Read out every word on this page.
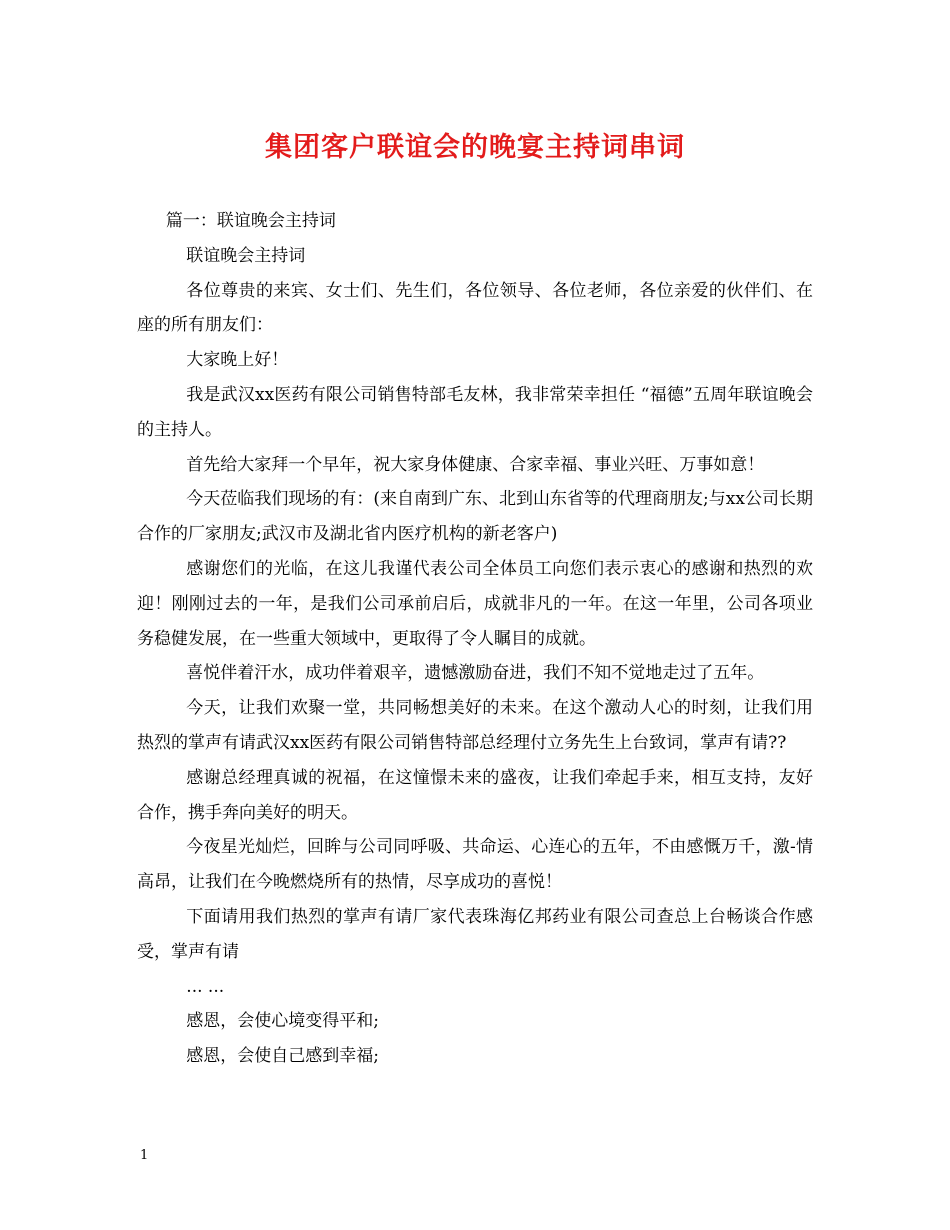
集团客户联谊会的晚宴主持词串词

篇一：联谊晚会主持词

联谊晚会主持词

各位尊贵的来宾、女士们、先生们，各位领导、各位老师，各位亲爱的伙伴们、在座的所有朋友们：

大家晚上好！

我是武汉xx医药有限公司销售特部毛友林，我非常荣幸担任 “福德”五周年联谊晚会的主持人。

首先给大家拜一个早年，祝大家身体健康、合家幸福、事业兴旺、万事如意！

今天莅临我们现场的有：(来自南到广东、北到山东省等的代理商朋友;与xx公司长期合作的厂家朋友;武汉市及湖北省内医疗机构的新老客户)

感谢您们的光临，在这儿我谨代表公司全体员工向您们表示衷心的感谢和热烈的欢迎！刚刚过去的一年，是我们公司承前启后，成就非凡的一年。在这一年里，公司各项业务稳健发展，在一些重大领域中，更取得了令人瞩目的成就。

喜悦伴着汗水，成功伴着艰辛，遗憾激励奋进，我们不知不觉地走过了五年。

今天，让我们欢聚一堂，共同畅想美好的未来。在这个激动人心的时刻，让我们用热烈的掌声有请武汉xx医药有限公司销售特部总经理付立务先生上台致词，掌声有请??

感谢总经理真诚的祝福，在这憧憬未来的盛夜，让我们牵起手来，相互支持，友好合作，携手奔向美好的明天。

今夜星光灿烂，回眸与公司同呼吸、共命运、心连心的五年，不由感慨万千，激-情高昂，让我们在今晚燃烧所有的热情，尽享成功的喜悦！

下面请用我们热烈的掌声有请厂家代表珠海亿邦药业有限公司查总上台畅谈合作感受，掌声有请

... ...

感恩，会使心境变得平和;

感恩，会使自己感到幸福;

1
